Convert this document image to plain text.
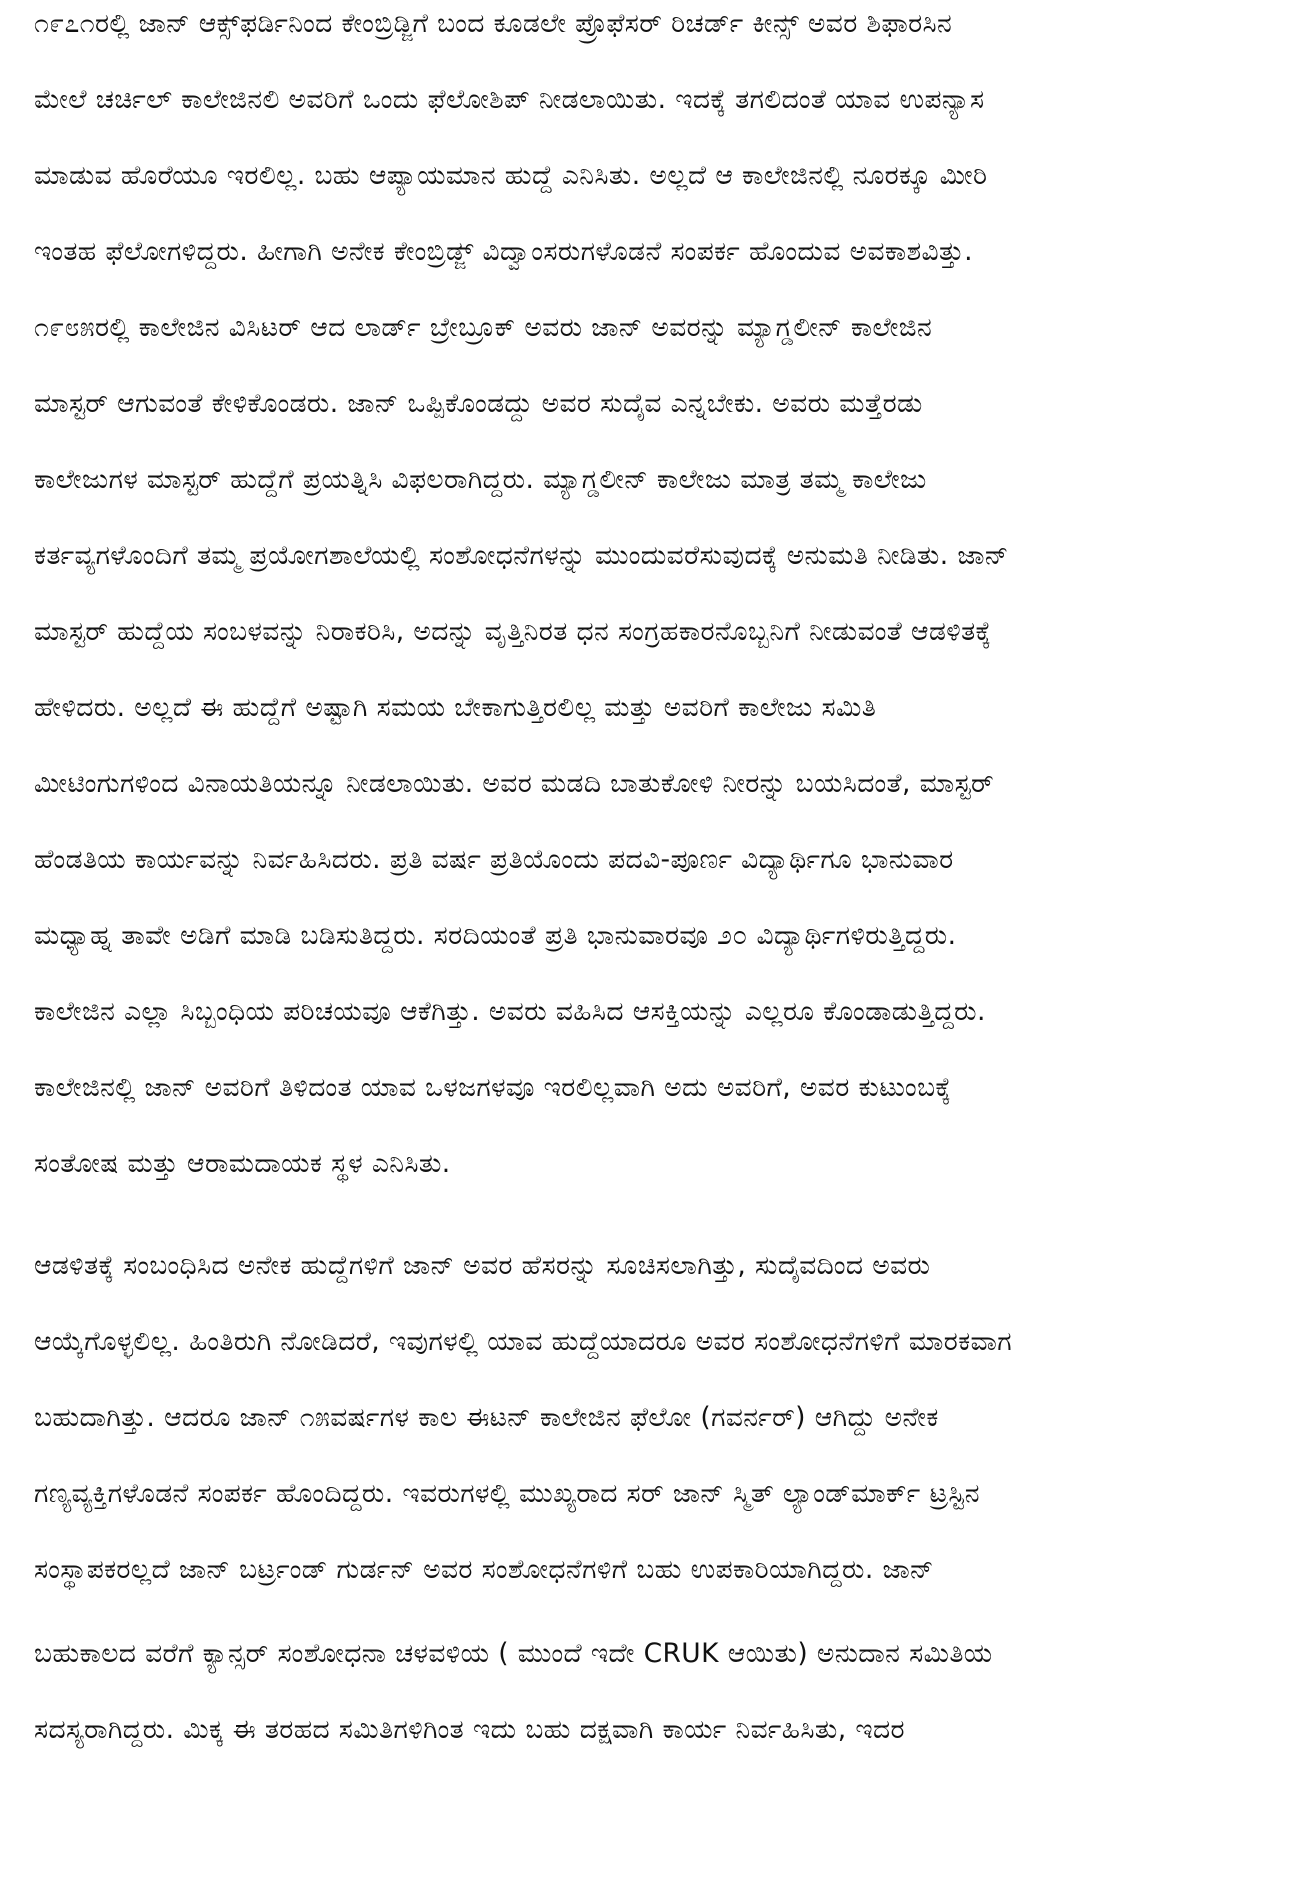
೧೯೭೧ರಲ್ಲಿ ಜಾನ್ ಆಕ್ಸ್‌ಫರ್ಡಿನಿಂದ ಕೇಂಬ್ರಿಡ್ಜಿಗೆ ಬಂದ ಕೂಡಲೇ ಪ್ರೊಫೆಸರ್ ರಿಚರ್ಡ್ ಕೀನ್ಸ್ ಅವರ ಶಿಫಾರಸಿನ
ಮೇಲೆ ಚರ್ಚಿಲ್ ಕಾಲೇಜಿನಲಿ ಅವರಿಗೆ ಒಂದು ಫೆಲೋಶಿಪ್ ನೀಡಲಾಯಿತು. ಇದಕ್ಕೆ ತಗಲಿದಂತೆ ಯಾವ ಉಪನ್ಯಾಸ
ಮಾಡುವ ಹೊರೆಯೂ ಇರಲಿಲ್ಲ. ಬಹು ಆಪ್ಯಾಯಮಾನ ಹುದ್ದೆ ಎನಿಸಿತು. ಅಲ್ಲದೆ ಆ ಕಾಲೇಜಿನಲ್ಲಿ ನೂರಕ್ಕೂ ಮೀರಿ
ಇಂತಹ ಫೆಲೋಗಳಿದ್ದರು. ಹೀಗಾಗಿ ಅನೇಕ ಕೇಂಬ್ರಿಡ್ಜ್ ವಿದ್ವಾಂಸರುಗಳೊಡನೆ ಸಂಪರ್ಕ ಹೊಂದುವ ಅವಕಾಶವಿತ್ತು.
೧೯೮೫ರಲ್ಲಿ ಕಾಲೇಜಿನ ವಿಸಿಟರ್ ಆದ ಲಾರ್ಡ್ ಬ್ರೇಬ್ರೂಕ್ ಅವರು ಜಾನ್ ಅವರನ್ನು ಮ್ಯಾಗ್ಡಲೀನ್ ಕಾಲೇಜಿನ
ಮಾಸ್ಟರ್ ಆಗುವಂತೆ ಕೇಳಿಕೊಂಡರು. ಜಾನ್ ಒಪ್ಪಿಕೊಂಡದ್ದು ಅವರ ಸುದೈವ ಎನ್ನಬೇಕು. ಅವರು ಮತ್ತೆರಡು
ಕಾಲೇಜುಗಳ ಮಾಸ್ಟರ್ ಹುದ್ದೆಗೆ ಪ್ರಯತ್ನಿಸಿ ವಿಫಲರಾಗಿದ್ದರು. ಮ್ಯಾಗ್ಡಲೀನ್ ಕಾಲೇಜು ಮಾತ್ರ ತಮ್ಮ ಕಾಲೇಜು
ಕರ್ತವ್ಯಗಳೊಂದಿಗೆ ತಮ್ಮ ಪ್ರಯೋಗಶಾಲೆಯಲ್ಲಿ ಸಂಶೋಧನೆಗಳನ್ನು ಮುಂದುವರೆಸುವುದಕ್ಕೆ ಅನುಮತಿ ನೀಡಿತು. ಜಾನ್
ಮಾಸ್ಟರ್ ಹುದ್ದೆಯ ಸಂಬಳವನ್ನು ನಿರಾಕರಿಸಿ, ಅದನ್ನು ವೃತ್ತಿನಿರತ ಧನ ಸಂಗ್ರಹಕಾರನೊಬ್ಬನಿಗೆ ನೀಡುವಂತೆ ಆಡಳಿತಕ್ಕೆ
ಹೇಳಿದರು. ಅಲ್ಲದೆ ಈ ಹುದ್ದೆಗೆ ಅಷ್ಟಾಗಿ ಸಮಯ ಬೇಕಾಗುತ್ತಿರಲಿಲ್ಲ ಮತ್ತು ಅವರಿಗೆ ಕಾಲೇಜು ಸಮಿತಿ
ಮೀಟಿಂಗುಗಳಿಂದ ವಿನಾಯತಿಯನ್ನೂ ನೀಡಲಾಯಿತು. ಅವರ ಮಡದಿ ಬಾತುಕೋಳಿ ನೀರನ್ನು ಬಯಸಿದಂತೆ, ಮಾಸ್ಟರ್
ಹೆಂಡತಿಯ ಕಾರ್ಯವನ್ನು ನಿರ್ವಹಿಸಿದರು. ಪ್ರತಿ ವರ್ಷ ಪ್ರತಿಯೊಂದು ಪದವಿ-ಪೂರ್ಣ ವಿದ್ಯಾರ್ಥಿಗೂ ಭಾನುವಾರ
ಮಧ್ಯಾಹ್ನ ತಾವೇ ಅಡಿಗೆ ಮಾಡಿ ಬಡಿಸುತಿದ್ದರು. ಸರದಿಯಂತೆ ಪ್ರತಿ ಭಾನುವಾರವೂ ೨೦ ವಿದ್ಯಾರ್ಥಿಗಳಿರುತ್ತಿದ್ದರು.
ಕಾಲೇಜಿನ ಎಲ್ಲಾ ಸಿಬ್ಬಂಧಿಯ ಪರಿಚಯವೂ ಆಕೆಗಿತ್ತು. ಅವರು ವಹಿಸಿದ ಆಸಕ್ತಿಯನ್ನು ಎಲ್ಲರೂ ಕೊಂಡಾಡುತ್ತಿದ್ದರು.
ಕಾಲೇಜಿನಲ್ಲಿ ಜಾನ್ ಅವರಿಗೆ ತಿಳಿದಂತ ಯಾವ ಒಳಜಗಳವೂ ಇರಲಿಲ್ಲವಾಗಿ ಅದು ಅವರಿಗೆ, ಅವರ ಕುಟುಂಬಕ್ಕೆ
ಸಂತೋಷ ಮತ್ತು ಆರಾಮದಾಯಕ ಸ್ಥಳ ಎನಿಸಿತು.
ಆಡಳಿತಕ್ಕೆ ಸಂಬಂಧಿಸಿದ ಅನೇಕ ಹುದ್ದೆಗಳಿಗೆ ಜಾನ್ ಅವರ ಹೆಸರನ್ನು ಸೂಚಿಸಲಾಗಿತ್ತು, ಸುದೈವದಿಂದ ಅವರು
ಆಯ್ಕೆಗೊಳ್ಳಲಿಲ್ಲ. ಹಿಂತಿರುಗಿ ನೋಡಿದರೆ, ಇವುಗಳಲ್ಲಿ ಯಾವ ಹುದ್ದೆಯಾದರೂ ಅವರ ಸಂಶೋಧನೆಗಳಿಗೆ ಮಾರಕವಾಗ
ಬಹುದಾಗಿತ್ತು. ಆದರೂ ಜಾನ್ ೧೫ವರ್ಷಗಳ ಕಾಲ ಈಟನ್ ಕಾಲೇಜಿನ ಫೆಲೋ (ಗವರ್ನರ್) ಆಗಿದ್ದು ಅನೇಕ
ಗಣ್ಯವ್ಯಕ್ತಿಗಳೊಡನೆ ಸಂಪರ್ಕ ಹೊಂದಿದ್ದರು. ಇವರುಗಳಲ್ಲಿ ಮುಖ್ಯರಾದ ಸರ್ ಜಾನ್ ಸ್ಮಿತ್ ಲ್ಯಾಂಡ್‌ಮಾರ್ಕ್ ಟ್ರಸ್ಟಿನ
ಸಂಸ್ಥಾಪಕರಲ್ಲದೆ ಜಾನ್ ಬರ್ಟ್ರಂಡ್ ಗುರ್ಡನ್ ಅವರ ಸಂಶೋಧನೆಗಳಿಗೆ ಬಹು ಉಪಕಾರಿಯಾಗಿದ್ದರು. ಜಾನ್
ಬಹುಕಾಲದ ವರೆಗೆ ಕ್ಯಾನ್ಸರ್ ಸಂಶೋಧನಾ ಚಳವಳಿಯ ( ಮುಂದೆ ಇದೇ CRUK ಆಯಿತು) ಅನುದಾನ ಸಮಿತಿಯ
ಸದಸ್ಯರಾಗಿದ್ದರು. ಮಿಕ್ಕ ಈ ತರಹದ ಸಮಿತಿಗಳಿಗಿಂತ ಇದು ಬಹು ದಕ್ಷವಾಗಿ ಕಾರ್ಯ ನಿರ್ವಹಿಸಿತು, ಇದರ
